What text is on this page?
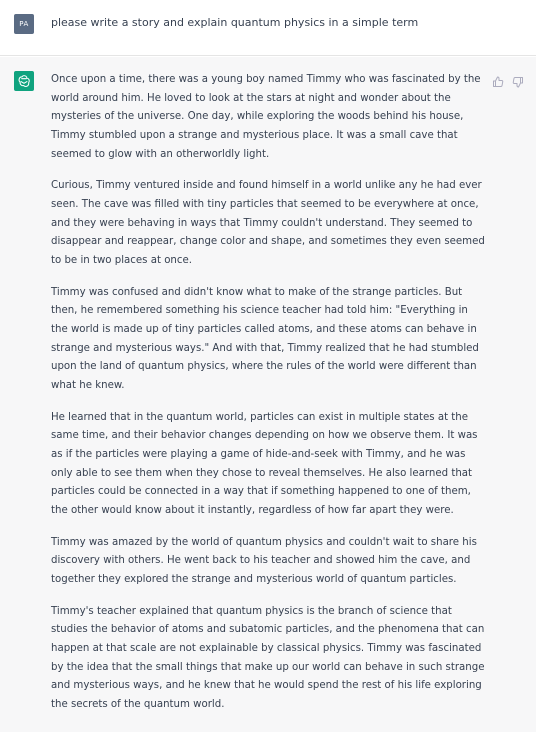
PA	please write a story and explain quantum physics in a simple term

Once upon a time, there was a young boy named Timmy who was fascinated by the world around him. He loved to look at the stars at night and wonder about the mysteries of the universe. One day, while exploring the woods behind his house, Timmy stumbled upon a strange and mysterious place. It was a small cave that seemed to glow with an otherworldly light.

Curious, Timmy ventured inside and found himself in a world unlike any he had ever seen. The cave was filled with tiny particles that seemed to be everywhere at once, and they were behaving in ways that Timmy couldn't understand. They seemed to disappear and reappear, change color and shape, and sometimes they even seemed to be in two places at once.

Timmy was confused and didn't know what to make of the strange particles. But then, he remembered something his science teacher had told him: "Everything in the world is made up of tiny particles called atoms, and these atoms can behave in strange and mysterious ways." And with that, Timmy realized that he had stumbled upon the land of quantum physics, where the rules of the world were different than what he knew.

He learned that in the quantum world, particles can exist in multiple states at the same time, and their behavior changes depending on how we observe them. It was as if the particles were playing a game of hide-and-seek with Timmy, and he was only able to see them when they chose to reveal themselves. He also learned that particles could be connected in a way that if something happened to one of them, the other would know about it instantly, regardless of how far apart they were.

Timmy was amazed by the world of quantum physics and couldn't wait to share his discovery with others. He went back to his teacher and showed him the cave, and together they explored the strange and mysterious world of quantum particles.

Timmy's teacher explained that quantum physics is the branch of science that studies the behavior of atoms and subatomic particles, and the phenomena that can happen at that scale are not explainable by classical physics. Timmy was fascinated by the idea that the small things that make up our world can behave in such strange and mysterious ways, and he knew that he would spend the rest of his life exploring the secrets of the quantum world.
